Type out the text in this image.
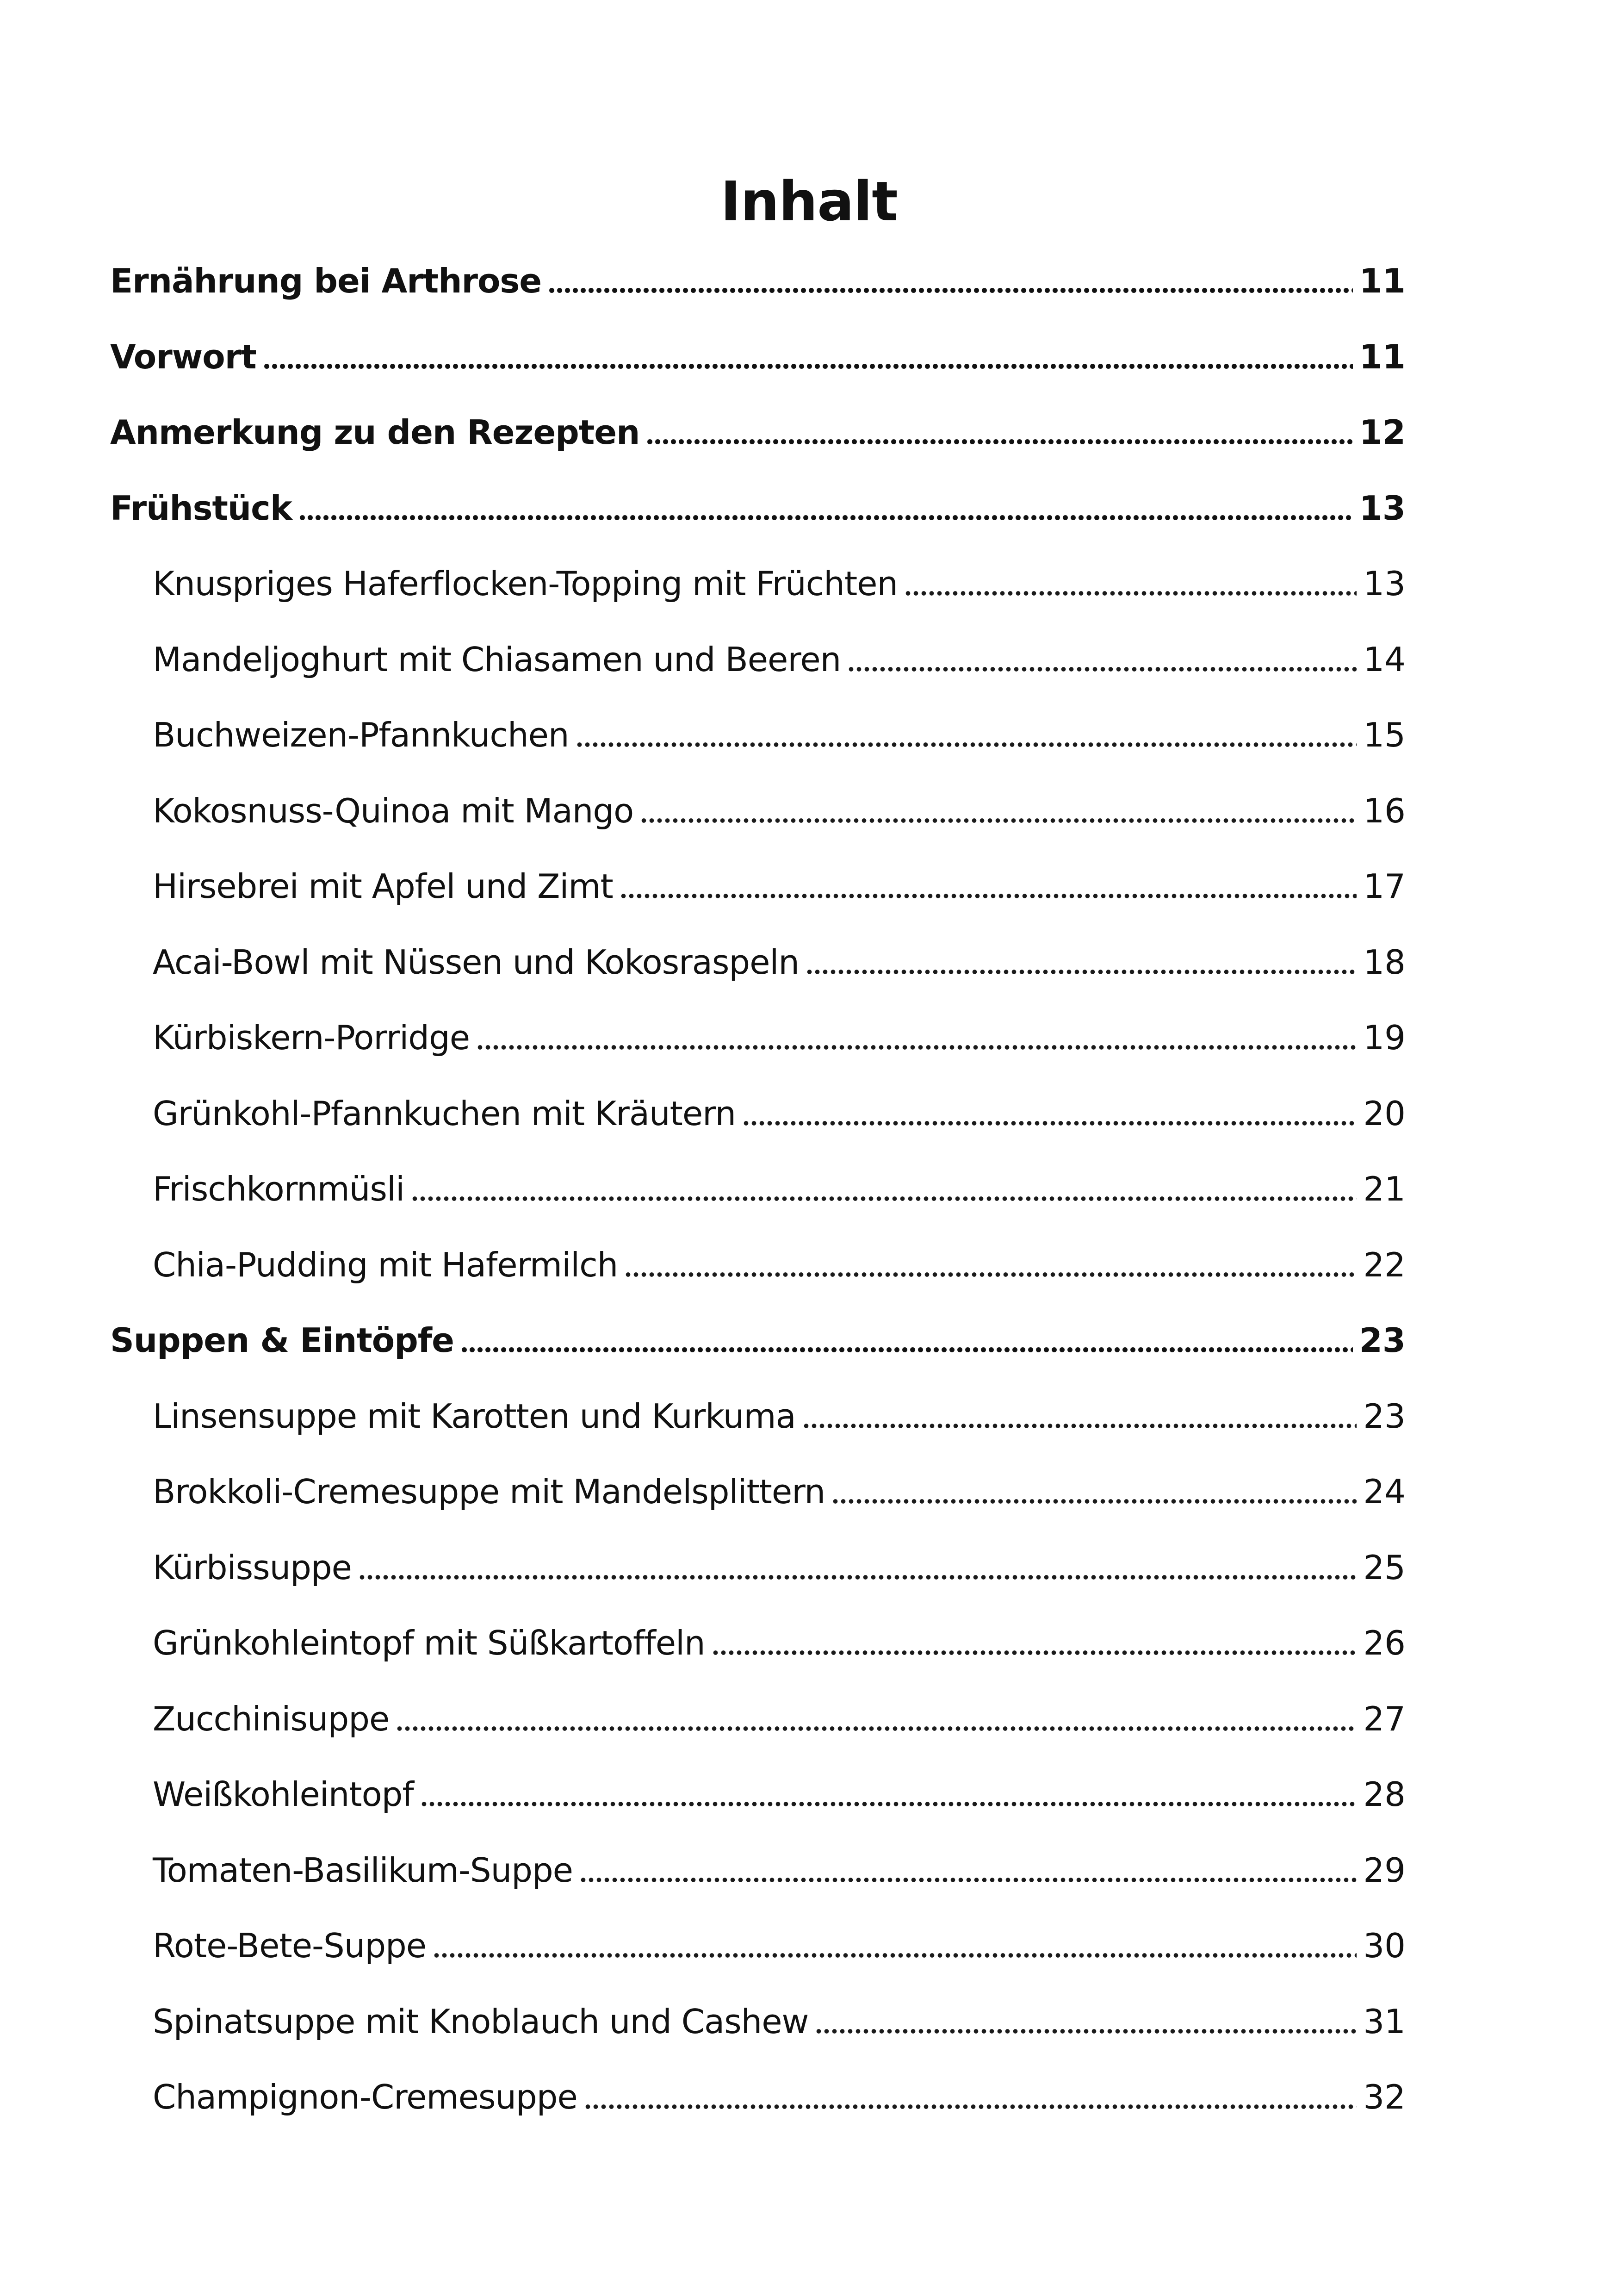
Inhalt
Ernährung bei Arthrose	11
Vorwort	11
Anmerkung zu den Rezepten	12
Frühstück	13
Knuspriges Haferflocken-Topping mit Früchten	13
Mandeljoghurt mit Chiasamen und Beeren	14
Buchweizen-Pfannkuchen	15
Kokosnuss-Quinoa mit Mango	16
Hirsebrei mit Apfel und Zimt	17
Acai-Bowl mit Nüssen und Kokosraspeln	18
Kürbiskern-Porridge	19
Grünkohl-Pfannkuchen mit Kräutern	20
Frischkornmüsli	21
Chia-Pudding mit Hafermilch	22
Suppen & Eintöpfe	23
Linsensuppe mit Karotten und Kurkuma	23
Brokkoli-Cremesuppe mit Mandelsplittern	24
Kürbissuppe	25
Grünkohleintopf mit Süßkartoffeln	26
Zucchinisuppe	27
Weißkohleintopf	28
Tomaten-Basilikum-Suppe	29
Rote-Bete-Suppe	30
Spinatsuppe mit Knoblauch und Cashew	31
Champignon-Cremesuppe	32
